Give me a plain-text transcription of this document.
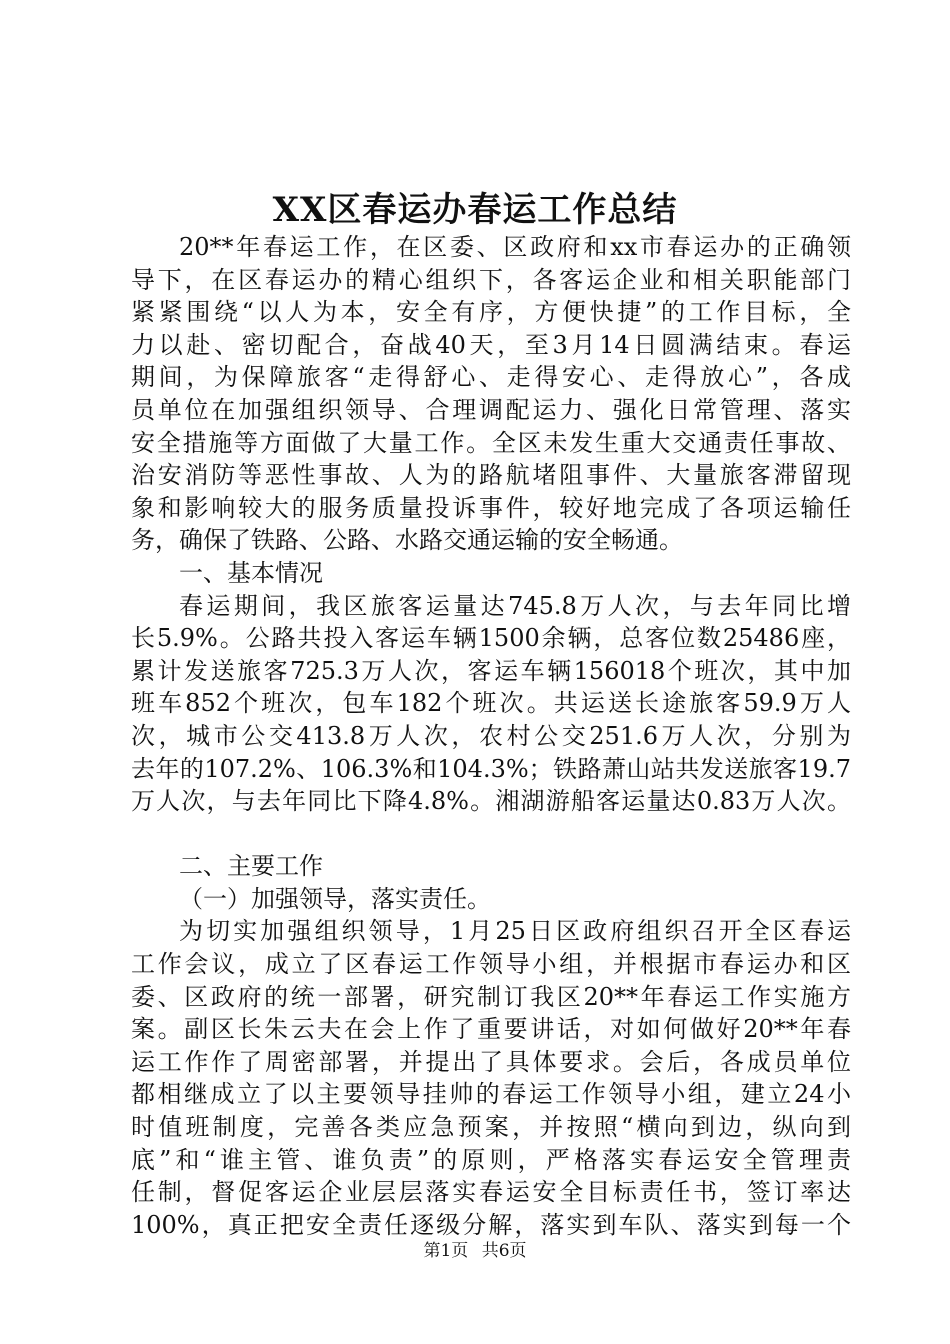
XX区春运办春运工作总结
20**年春运工作，在区委、区政府和xx市春运办的正确领
导下，在区春运办的精心组织下，各客运企业和相关职能部门
紧紧围绕“以人为本，安全有序，方便快捷”的工作目标，全
力以赴、密切配合，奋战40天，至3月14日圆满结束。春运
期间，为保障旅客“走得舒心、走得安心、走得放心”，各成
员单位在加强组织领导、合理调配运力、强化日常管理、落实
安全措施等方面做了大量工作。全区未发生重大交通责任事故、
治安消防等恶性事故、人为的路航堵阻事件、大量旅客滞留现
象和影响较大的服务质量投诉事件，较好地完成了各项运输任
务，确保了铁路、公路、水路交通运输的安全畅通。
一、基本情况
春运期间，我区旅客运量达745.8万人次，与去年同比增
长5.9%。公路共投入客运车辆1500余辆，总客位数25486座，
累计发送旅客725.3万人次，客运车辆156018个班次，其中加
班车852个班次，包车182个班次。共运送长途旅客59.9万人
次，城市公交413.8万人次，农村公交251.6万人次，分别为
去年的107.2%、106.3%和104.3%；铁路萧山站共发送旅客19.7
万人次，与去年同比下降4.8%。湘湖游船客运量达0.83万人次。
二、主要工作
（一）加强领导，落实责任。
为切实加强组织领导，1月25日区政府组织召开全区春运
工作会议，成立了区春运工作领导小组，并根据市春运办和区
委、区政府的统一部署，研究制订我区20**年春运工作实施方
案。副区长朱云夫在会上作了重要讲话，对如何做好20**年春
运工作作了周密部署，并提出了具体要求。会后，各成员单位
都相继成立了以主要领导挂帅的春运工作领导小组，建立24小
时值班制度，完善各类应急预案，并按照“横向到边，纵向到
底”和“谁主管、谁负责”的原则，严格落实春运安全管理责
任制，督促客运企业层层落实春运安全目标责任书，签订率达
100%，真正把安全责任逐级分解，落实到车队、落实到每一个
第1页 共6页
